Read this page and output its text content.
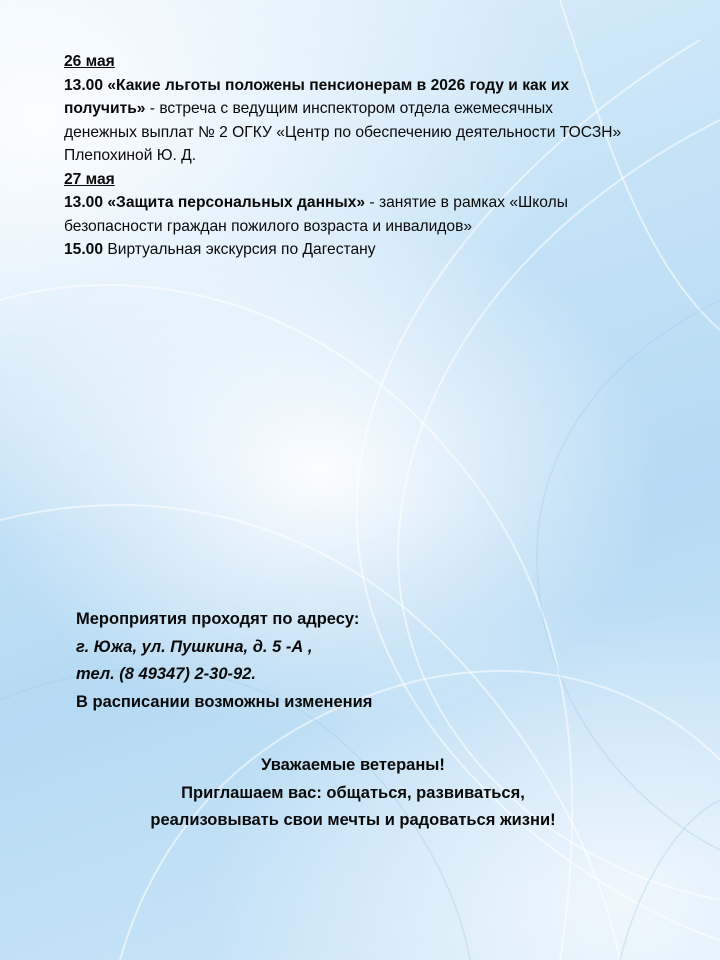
26 мая
13.00 «Какие льготы положены пенсионерам в 2026 году и как их получить» - встреча с ведущим инспектором отдела ежемесячных денежных выплат № 2 ОГКУ «Центр по обеспечению деятельности ТОСЗН» Плепохиной Ю. Д.
27 мая
13.00 «Защита персональных данных» - занятие в рамках «Школы безопасности граждан пожилого возраста и инвалидов»
15.00 Виртуальная экскурсия по Дагестану
Мероприятия проходят по адресу:
г. Южа, ул. Пушкина, д. 5 -А ,
тел. (8 49347) 2-30-92.
В расписании возможны изменения
Уважаемые ветераны!
Приглашаем вас: общаться, развиваться,
реализовывать свои мечты и радоваться жизни!
